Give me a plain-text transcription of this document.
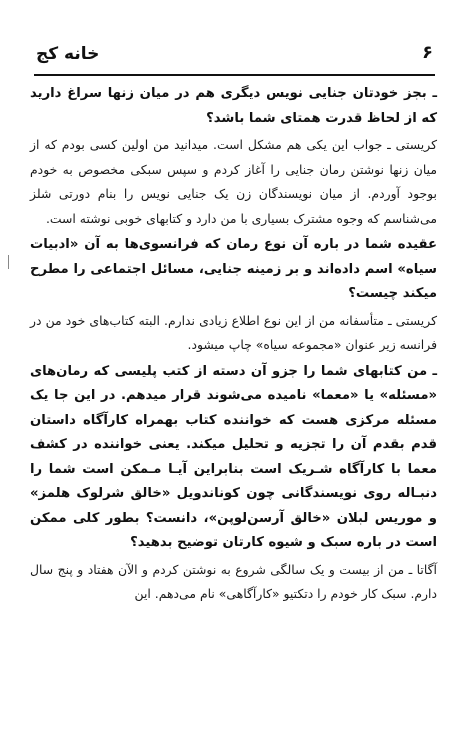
خانه کج	۶

ـ بجز خودتان جنایی نویس دیگری هم در میان زنها سراغ دارید که از لحاظ قدرت همتای شما باشد؟

کریستی ـ جواب این یکی هم مشکل است. میدانید من اولین کسی بودم که از میان زنها نوشتن رمان جنایی را آغاز کردم و سپس سبکی مخصوص به خودم بوجود آوردم. از میان نویسندگان زن یک جنایی نویس را بنام دورتی شلز می‌شناسم که وجوه مشترک بسیاری با من دارد و کتابهای خوبی نوشته است.

عقیده شما در باره آن نوع رمان که فرانسوی‌ها به آن «ادبیات سیاه» اسم داده‌اند و بر زمینه جنایی، مسائل اجتماعی را مطرح میکند چیست؟

کریستی ـ متأسفانه من از این نوع اطلاع زیادی ندارم. البته کتاب‌های خود من در فرانسه زیر عنوان «مجموعه سیاه» چاپ میشود.

ـ من کتابهای شما را جزو آن دسته از کتب پلیسی که رمان‌های «مسئله» یا «معما» نامیده می‌شوند قرار میدهم. در این جا یک مسئله مرکزی هست که خواننده کتاب بهمراه کارآگاه داستان قدم بقدم آن را تجزیه و تحلیل میکند. یعنی خواننده در کشف معما با کارآگاه شـریک است بنابراین آیـا مـمکن است شما را دنبـاله روی نویسندگانی چون کوناندویل «خالق شرلوک هلمز» و موریس لبلان «خالق آرسن‌لوپن»، دانست؟ بطور کلی ممکن است در باره سبک و شیوه کارتان توضیح بدهید؟

آگاتا ـ من از بیست و یک سالگی شروع به نوشتن کردم و الآن هفتاد و پنج سال دارم. سبک کار خودم را دتکتیو «کارآگاهی» نام می‌دهم. این
